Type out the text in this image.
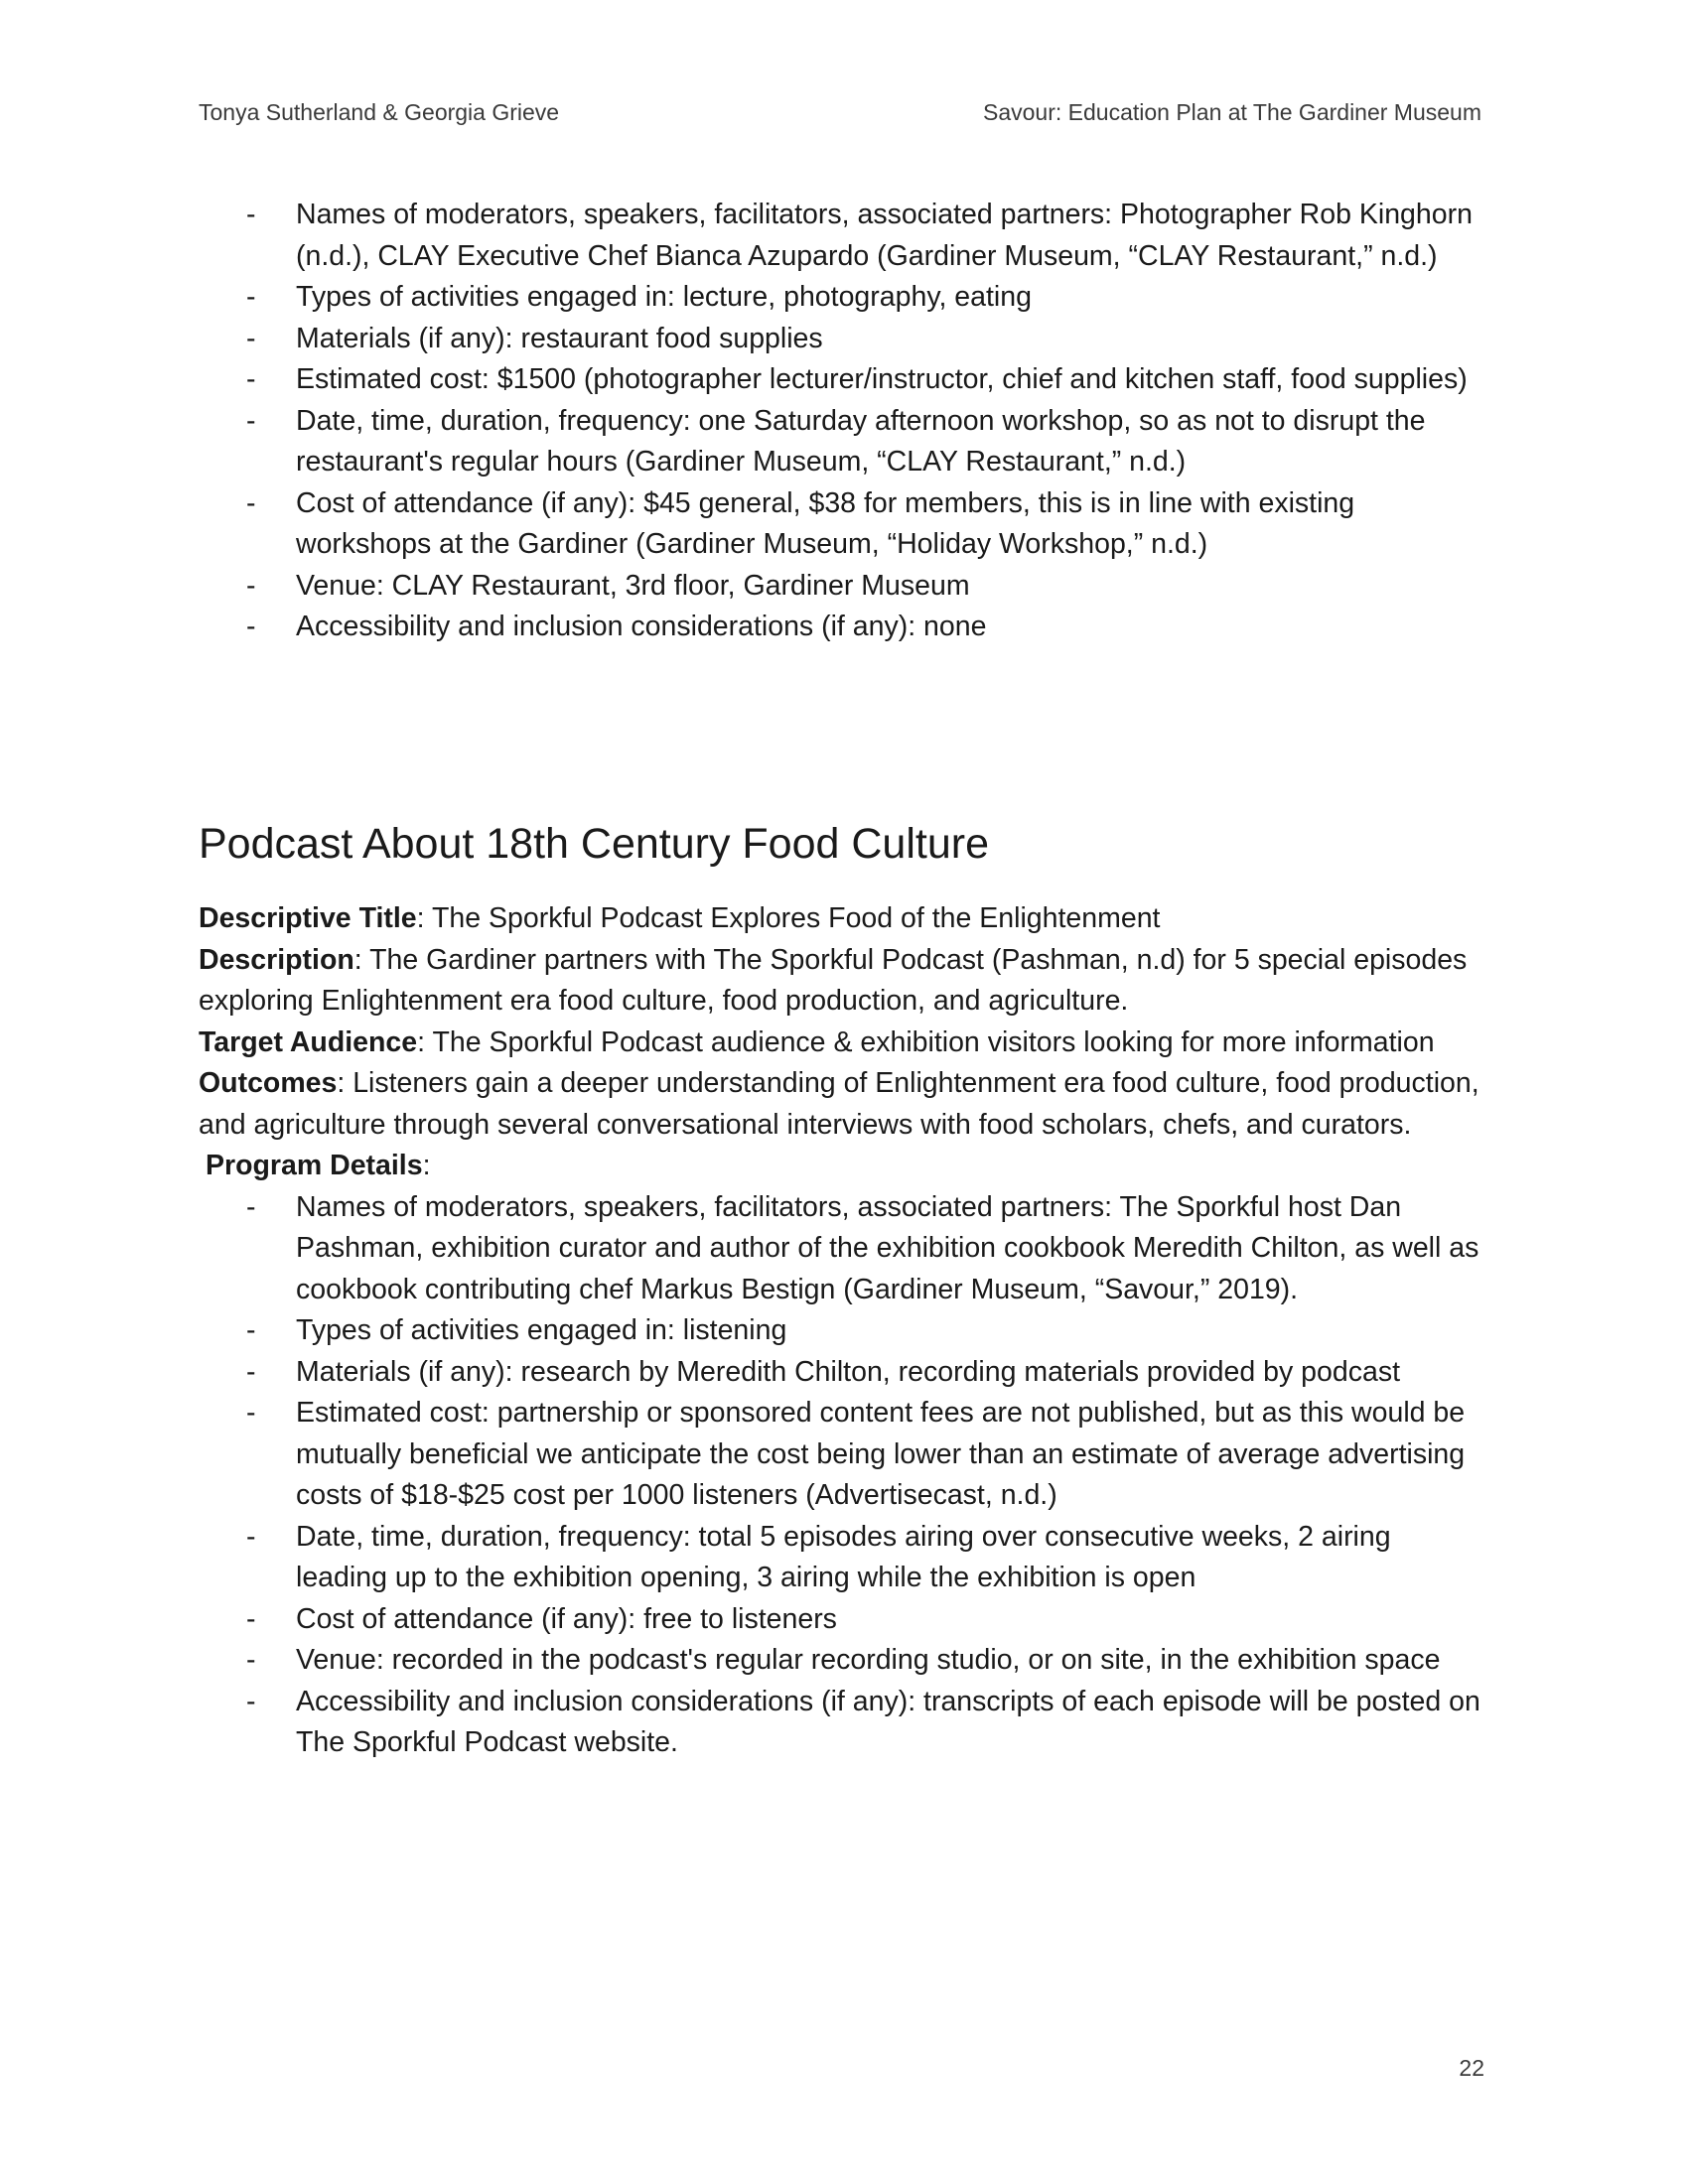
Tonya Sutherland & Georgia Grieve	Savour: Education Plan at The Gardiner Museum
- Names of moderators, speakers, facilitators, associated partners: Photographer Rob Kinghorn (n.d.), CLAY Executive Chef Bianca Azupardo (Gardiner Museum, “CLAY Restaurant,” n.d.)
- Types of activities engaged in: lecture, photography, eating
- Materials (if any): restaurant food supplies
- Estimated cost: $1500 (photographer lecturer/instructor, chief and kitchen staff, food supplies)
- Date, time, duration, frequency: one Saturday afternoon workshop, so as not to disrupt the restaurant's regular hours (Gardiner Museum, “CLAY Restaurant,” n.d.)
- Cost of attendance (if any): $45 general, $38 for members, this is in line with existing workshops at the Gardiner (Gardiner Museum, “Holiday Workshop,” n.d.)
- Venue: CLAY Restaurant, 3rd floor, Gardiner Museum
- Accessibility and inclusion considerations (if any): none
Podcast About 18th Century Food Culture

Descriptive Title: The Sporkful Podcast Explores Food of the Enlightenment

Description: The Gardiner partners with The Sporkful Podcast (Pashman, n.d) for 5 special episodes exploring Enlightenment era food culture, food production, and agriculture.

Target Audience: The Sporkful Podcast audience & exhibition visitors looking for more information

Outcomes: Listeners gain a deeper understanding of Enlightenment era food culture, food production, and agriculture through several conversational interviews with food scholars, chefs, and curators.

Program Details:

- Names of moderators, speakers, facilitators, associated partners: The Sporkful host Dan Pashman, exhibition curator and author of the exhibition cookbook Meredith Chilton, as well as cookbook contributing chef Markus Bestign (Gardiner Museum, “Savour,” 2019).
- Types of activities engaged in: listening
- Materials (if any): research by Meredith Chilton, recording materials provided by podcast
- Estimated cost: partnership or sponsored content fees are not published, but as this would be mutually beneficial we anticipate the cost being lower than an estimate of average advertising costs of $18-$25 cost per 1000 listeners (Advertisecast, n.d.)
- Date, time, duration, frequency: total 5 episodes airing over consecutive weeks, 2 airing leading up to the exhibition opening, 3 airing while the exhibition is open
- Cost of attendance (if any): free to listeners
- Venue: recorded in the podcast's regular recording studio, or on site, in the exhibition space
- Accessibility and inclusion considerations (if any): transcripts of each episode will be posted on The Sporkful Podcast website.
22
